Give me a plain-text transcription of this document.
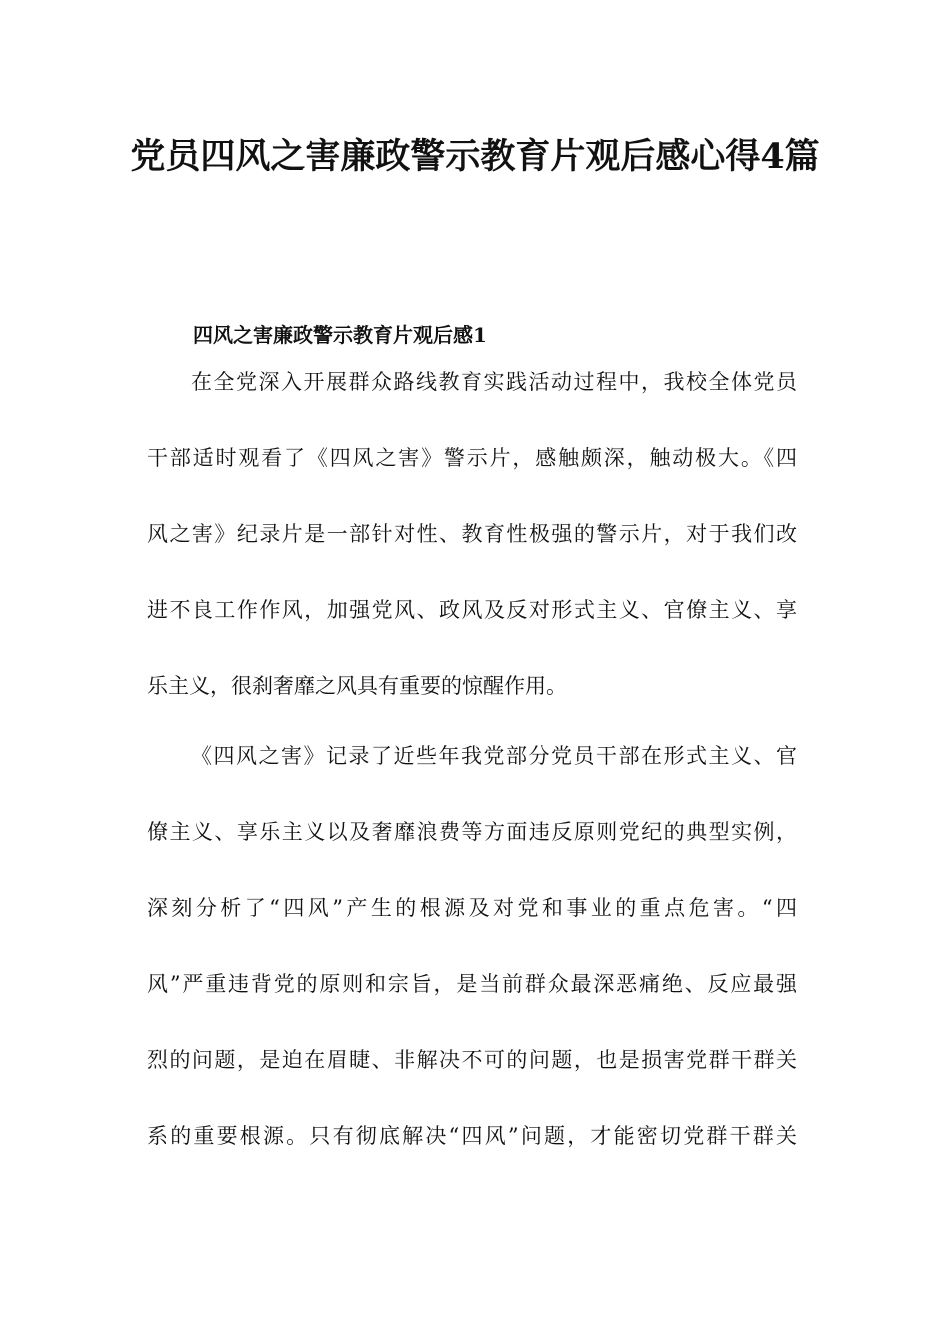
党员四风之害廉政警示教育片观后感心得4篇
四风之害廉政警示教育片观后感1
在全党深入开展群众路线教育实践活动过程中，我校全体党员
干部适时观看了《四风之害》警示片，感触颇深，触动极大。《四
风之害》纪录片是一部针对性、教育性极强的警示片，对于我们改
进不良工作作风，加强党风、政风及反对形式主义、官僚主义、享
乐主义，很刹奢靡之风具有重要的惊醒作用。
《四风之害》记录了近些年我党部分党员干部在形式主义、官
僚主义、享乐主义以及奢靡浪费等方面违反原则党纪的典型实例，
深刻分析了“四风”产生的根源及对党和事业的重点危害。“四
风”严重违背党的原则和宗旨，是当前群众最深恶痛绝、反应最强
烈的问题，是迫在眉睫、非解决不可的问题，也是损害党群干群关
系的重要根源。只有彻底解决“四风”问题，才能密切党群干群关
